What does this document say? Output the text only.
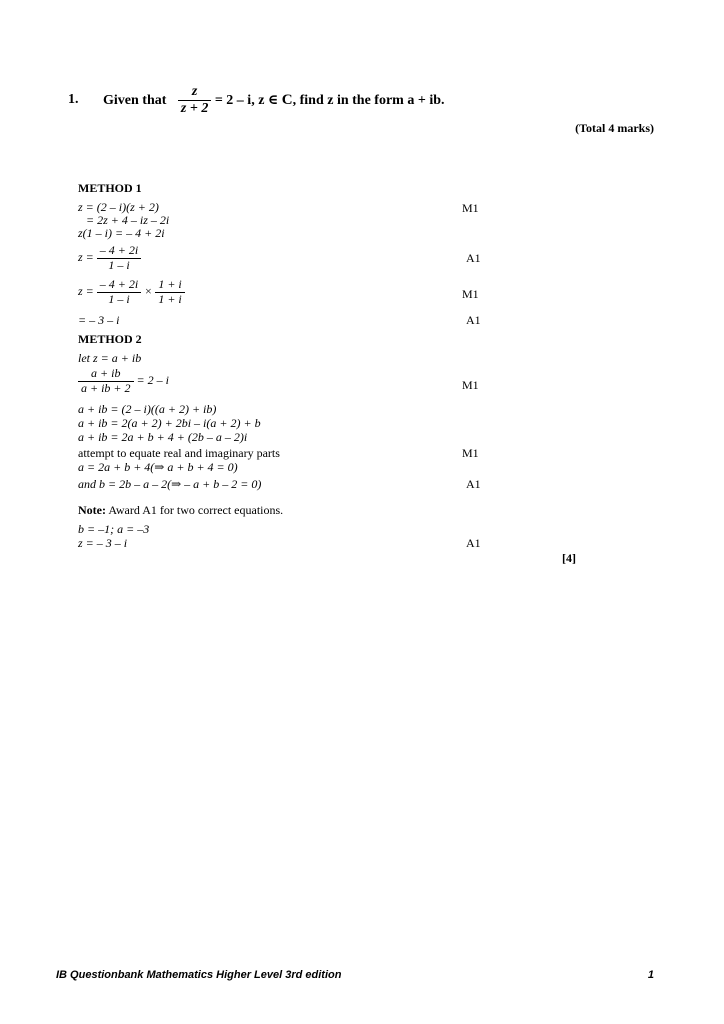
1. Given that $\frac{z}{z + 2} = 2 - i$, z ∈ C, find z in the form a + ib.
(Total 4 marks)
METHOD 1
z = (2 – i)(z + 2)
= 2z + 4 – iz – 2i
z(1 – i) = – 4 + 2i
$z = \frac{- 4 + 2i}{1 - i}$
$z = \frac{- 4 + 2i}{1 - i} \times \frac{1 + i}{1 + i}$
= – 3 – i
M1
A1
M1
A1
METHOD 2
let z = a + ib
$\frac{a + ib}{a + ib + 2} = 2 - i$
a + ib = (2 – i)((a + 2) + ib)
a + ib = 2(a + 2) + 2bi – i(a + 2) + b
a + ib = 2a + b + 4 + (2b – a – 2)i
attempt to equate real and imaginary parts
a = 2a + b + 4(⇒ a + b + 4 = 0)
and b = 2b – a – 2(⇒ – a + b – 2 = 0)
Note: Award A1 for two correct equations.
b = –1; a = –3
z = – 3 – i
M1
M1
A1
A1
[4]
IB Questionbank Mathematics Higher Level 3rd edition	1
